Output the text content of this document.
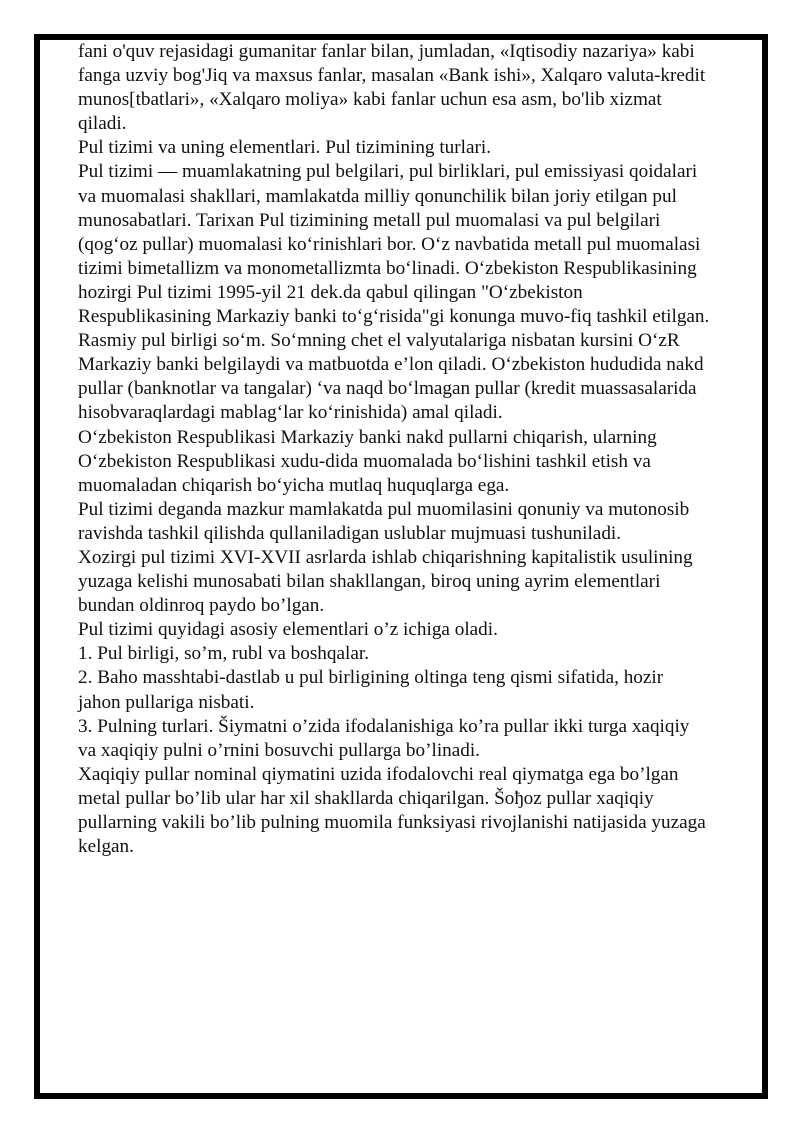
fani o'quv rejasidagi gumanitar fanlar bilan, jumladan, «Iqtisodiy nazariya» kabi fanga uzviy bog'Jiq va maxsus fanlar, masalan «Bank ishi», Xalqaro valuta-kredit munos[tbatlari», «Xalqaro moliya» kabi fanlar uchun esa asm, bo'lib xizmat qiladi.

Pul tizimi va uning elementlari. Pul tizimining turlari.

Pul tizimi — muamlakatning pul belgilari, pul birliklari, pul emissiyasi qoidalari va muomalasi shakllari, mamlakatda milliy qonunchilik bilan joriy etilgan pul munosabatlari. Tarixan Pul tizimining metall pul muomalasi va pul belgilari (qogʻoz pullar) muomalasi koʻrinishlari bor. Oʻz navbatida metall pul muomalasi tizimi bimetallizm va monometallizmta boʻlinadi. Oʻzbekiston Respublikasining hozirgi Pul tizimi 1995-yil 21 dek.da qabul qilingan "Oʻzbekiston Respublikasining Markaziy banki toʻgʻrisida"gi konunga muvo-fiq tashkil etilgan. Rasmiy pul birligi soʻm. Soʻmning chet el valyutalariga nisbatan kursini OʻzR Markaziy banki belgilaydi va matbuotda eʼlon qiladi. Oʻzbekiston hududida nakd pullar (banknotlar va tangalar) ʻva naqd boʻlmagan pullar (kredit muassasalarida hisobvaraqlardagi mablagʻlar koʻrinishida) amal qiladi.

Oʻzbekiston Respublikasi Markaziy banki nakd pullarni chiqarish, ularning Oʻzbekiston Respublikasi xudu-dida muomalada boʻlishini tashkil etish va muomaladan chiqarish boʻyicha mutlaq huquqlarga ega.

Pul tizimi deganda mazkur mamlakatda pul muomilasini qonuniy va mutonosib ravishda tashkil qilishda qullaniladigan uslublar mujmuasi tushuniladi.

Xozirgi pul tizimi XVI-XVII asrlarda ishlab chiqarishning kapitalistik usulining yuzaga kelishi munosabati bilan shakllangan, biroq uning ayrim elementlari bundan oldinroq paydo bo’lgan.

Pul tizimi quyidagi asosiy elementlari o’z ichiga oladi.

1. Pul birligi, so’m, rubl va boshqalar.

2. Baho masshtabi-dastlab u pul birligining oltinga teng qismi sifatida, hozir jahon pullariga nisbati.

3. Pulning turlari. Šiymatni o’zida ifodalanishiga ko’ra pullar ikki turga xaqiqiy va xaqiqiy pulni o’rnini bosuvchi pullarga bo’linadi.

Xaqiqiy pullar nominal qiymatini uzida ifodalovchi real qiymatga ega bo’lgan metal pullar bo’lib ular har xil shakllarda chiqarilgan. Šoђoz pullar xaqiqiy pullarning vakili bo’lib pulning muomila funksiyasi rivojlanishi natijasida yuzaga kelgan.
